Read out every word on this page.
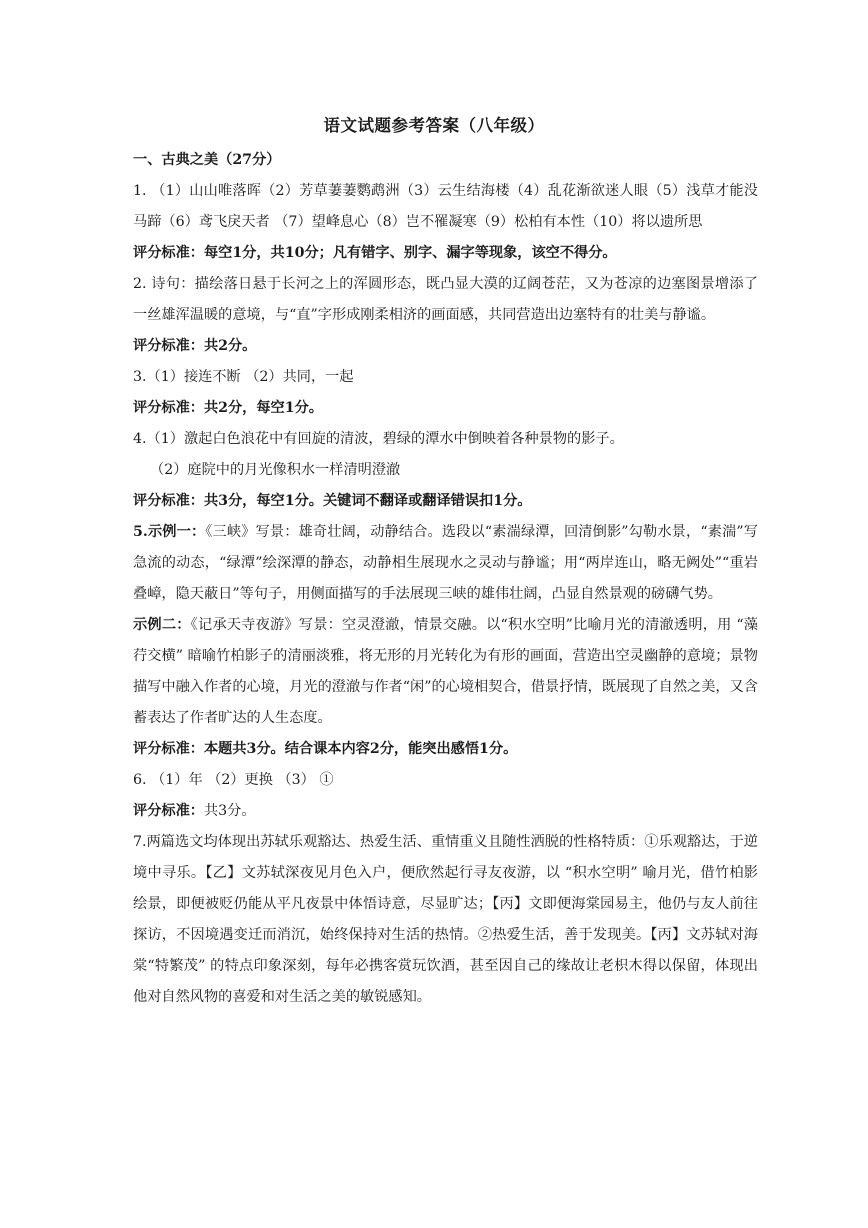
语文试题参考答案（八年级）

一、古典之美（27分）

1. （1）山山唯落晖（2）芳草萋萋鹦鹉洲（3）云生结海楼（4）乱花渐欲迷人眼（5）浅草才能没马蹄（6）鸢飞戾天者 （7）望峰息心（8）岂不罹凝寒（9）松柏有本性（10）将以遗所思

评分标准：每空1分，共10分；凡有错字、别字、漏字等现象，该空不得分。

2. 诗句：描绘落日悬于长河之上的浑圆形态，既凸显大漠的辽阔苍茫，又为苍凉的边塞图景增添了一丝雄浑温暖的意境，与“直”字形成刚柔相济的画面感，共同营造出边塞特有的壮美与静谧。

评分标准：共2分。

3.（1）接连不断 （2）共同，一起

评分标准：共2分，每空1分。

4.（1）激起白色浪花中有回旋的清波，碧绿的潭水中倒映着各种景物的影子。

（2）庭院中的月光像积水一样清明澄澈

评分标准：共3分，每空1分。关键词不翻译或翻译错误扣1分。

5.示例一：《三峡》写景：雄奇壮阔，动静结合。选段以“素湍绿潭，回清倒影”勾勒水景，“素湍”写急流的动态，“绿潭”绘深潭的静态，动静相生展现水之灵动与静谧；用“两岸连山，略无阙处”“重岩叠嶂，隐天蔽日”等句子，用侧面描写的手法展现三峡的雄伟壮阔，凸显自然景观的磅礴气势。

示例二：《记承天寺夜游》写景：空灵澄澈，情景交融。以“积水空明”比喻月光的清澈透明，用 “藻荇交横” 暗喻竹柏影子的清丽淡雅，将无形的月光转化为有形的画面，营造出空灵幽静的意境；景物描写中融入作者的心境，月光的澄澈与作者“闲”的心境相契合，借景抒情，既展现了自然之美，又含蓄表达了作者旷达的人生态度。

评分标准：本题共3分。结合课本内容2分，能突出感悟1分。

6. （1）年 （2）更换 （3） ①

评分标准：共3分。

7.两篇选文均体现出苏轼乐观豁达、热爱生活、重情重义且随性洒脱的性格特质：①乐观豁达，于逆境中寻乐。【乙】文苏轼深夜见月色入户，便欣然起行寻友夜游，以 “积水空明” 喻月光，借竹柏影绘景，即便被贬仍能从平凡夜景中体悟诗意，尽显旷达；【丙】文即便海棠园易主，他仍与友人前往探访，不因境遇变迁而消沉，始终保持对生活的热情。②热爱生活，善于发现美。【丙】文苏轼对海棠“特繁茂” 的特点印象深刻，每年必携客赏玩饮酒，甚至因自己的缘故让老枳木得以保留，体现出他对自然风物的喜爱和对生活之美的敏锐感知。
